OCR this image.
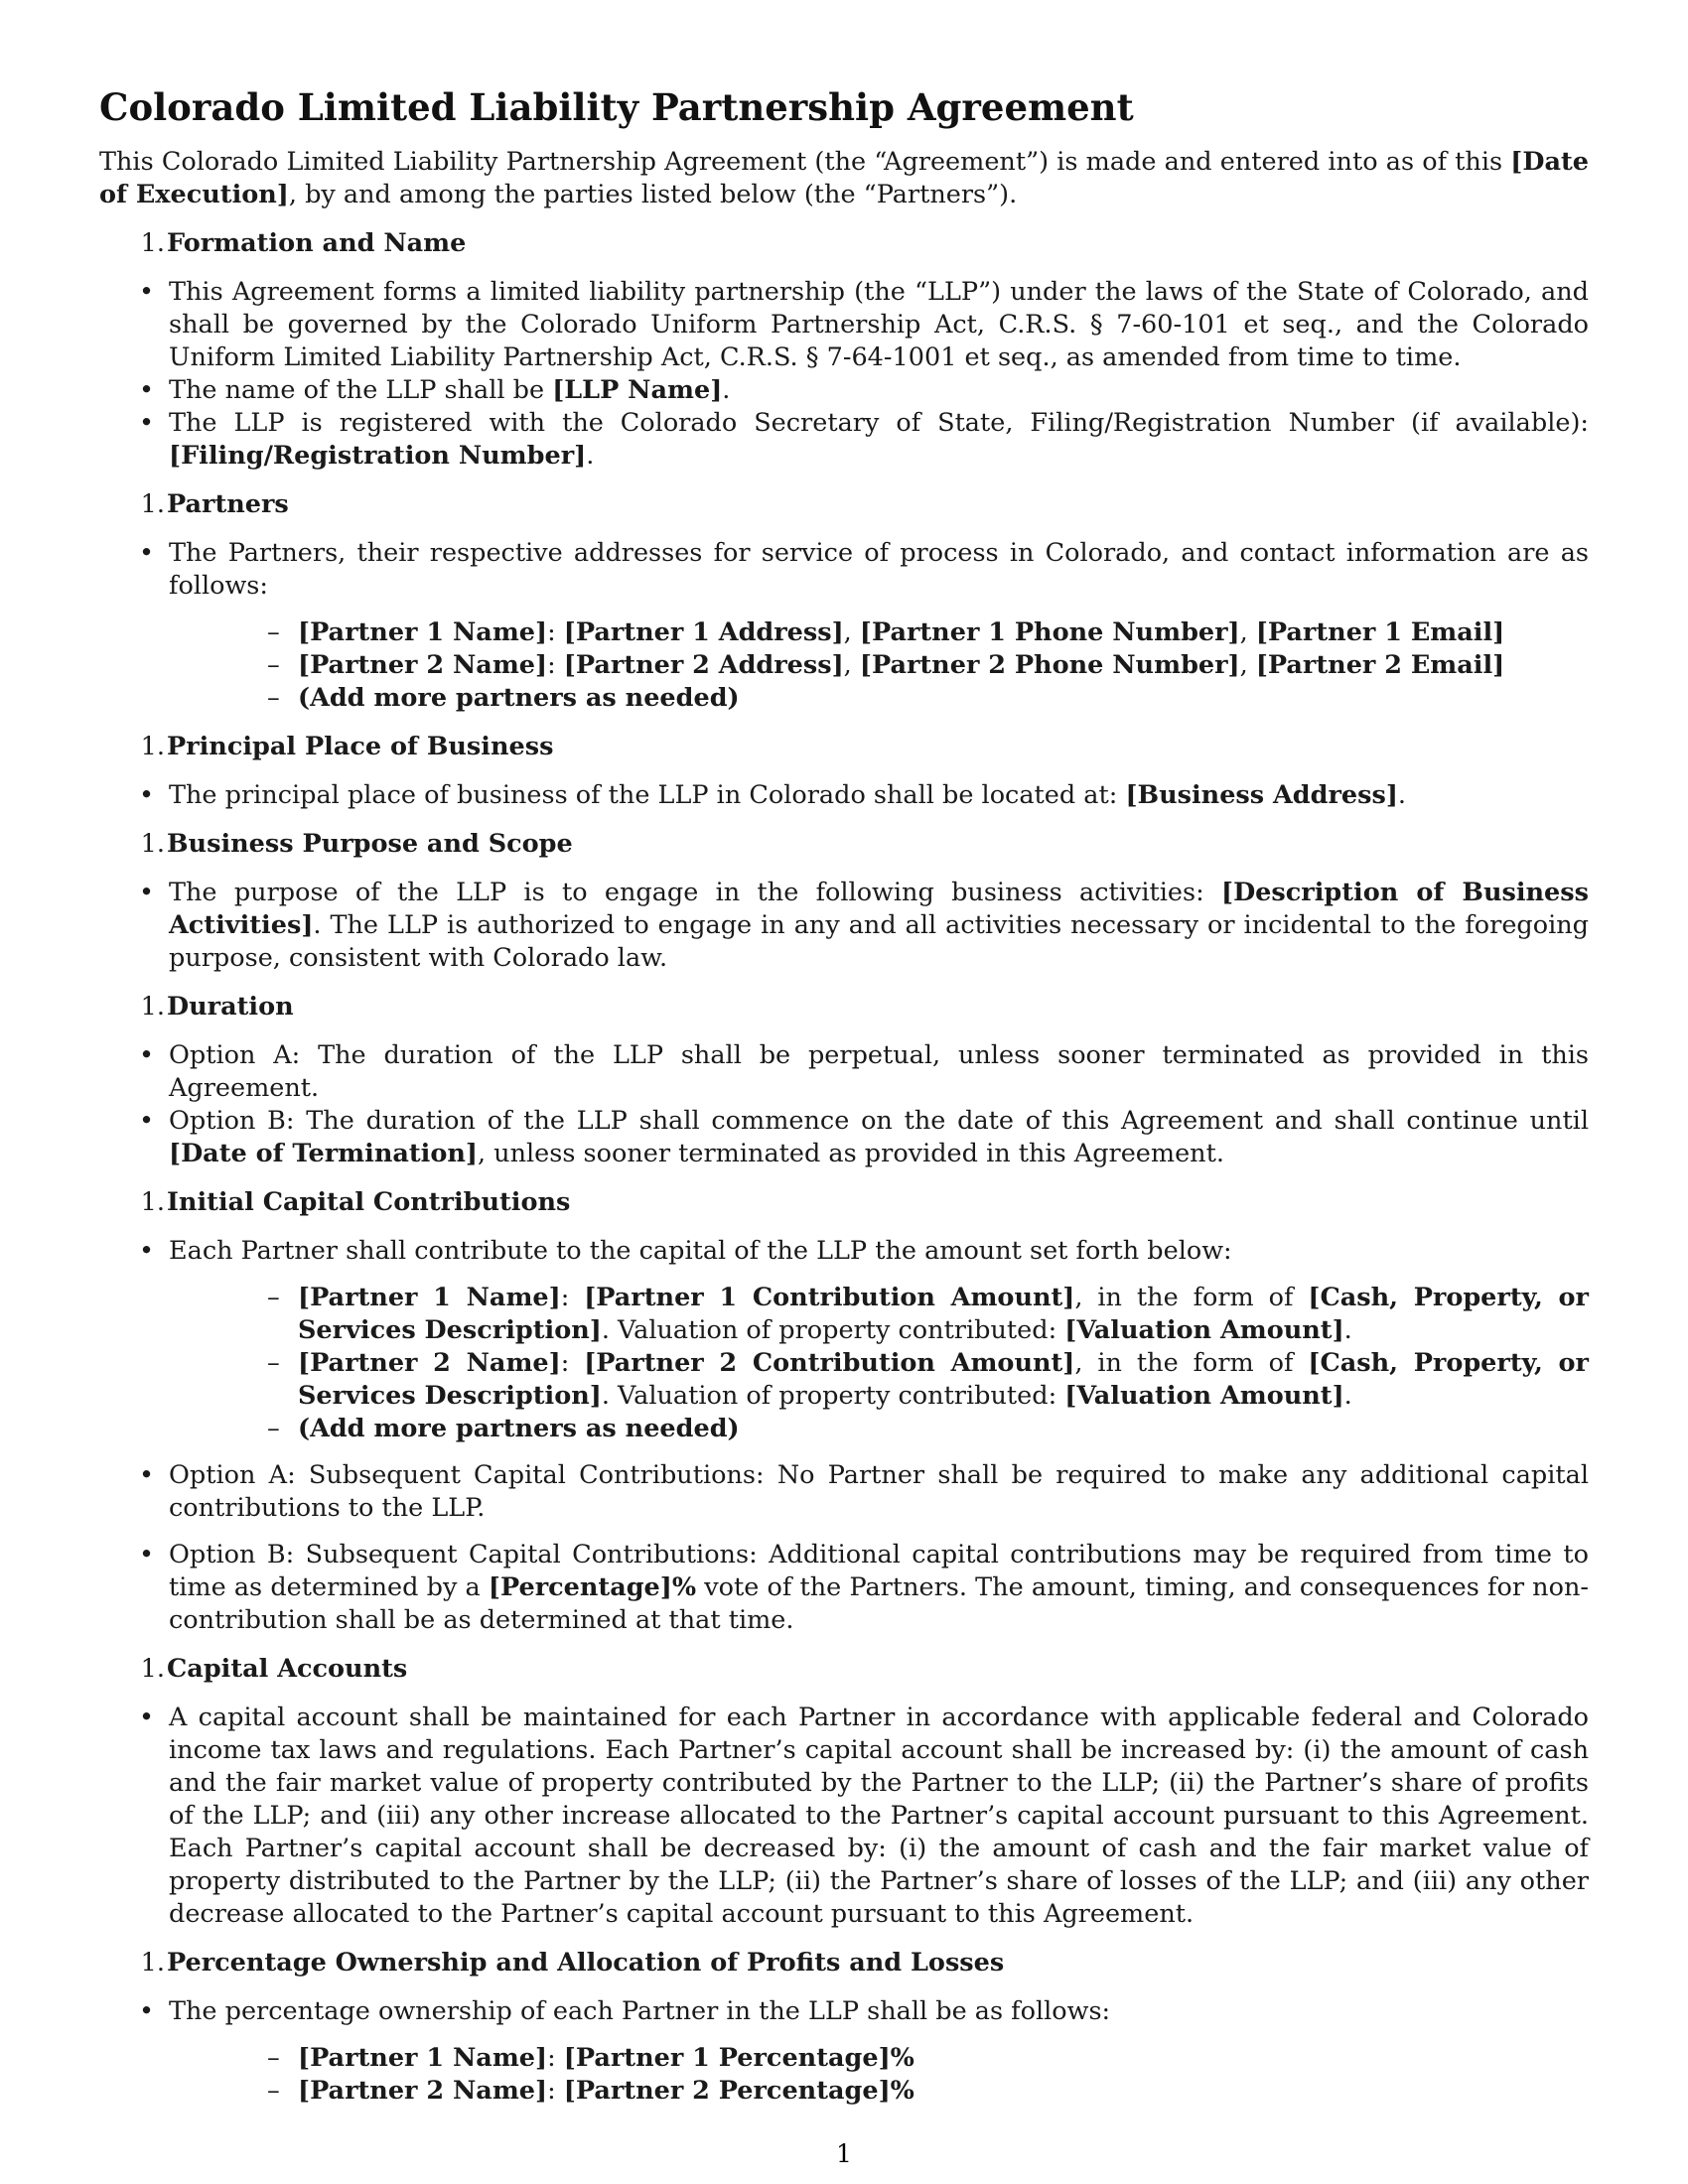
Colorado Limited Liability Partnership Agreement

This Colorado Limited Liability Partnership Agreement (the “Agreement”) is made and entered into as of this [Date of Execution], by and among the parties listed below (the “Partners”).

1. Formation and Name
• This Agreement forms a limited liability partnership (the “LLP”) under the laws of the State of Colorado, and shall be governed by the Colorado Uniform Partnership Act, C.R.S. § 7-60-101 et seq., and the Colorado Uniform Limited Liability Partnership Act, C.R.S. § 7-64-1001 et seq., as amended from time to time.
• The name of the LLP shall be [LLP Name].
• The LLP is registered with the Colorado Secretary of State, Filing/Registration Number (if available): [Filing/Registration Number].
1. Partners
• The Partners, their respective addresses for service of process in Colorado, and contact information are as follows:
– [Partner 1 Name]: [Partner 1 Address], [Partner 1 Phone Number], [Partner 1 Email]
– [Partner 2 Name]: [Partner 2 Address], [Partner 2 Phone Number], [Partner 2 Email]
– (Add more partners as needed)
1. Principal Place of Business
• The principal place of business of the LLP in Colorado shall be located at: [Business Address].
1. Business Purpose and Scope
• The purpose of the LLP is to engage in the following business activities: [Description of Business Activities]. The LLP is authorized to engage in any and all activities necessary or incidental to the foregoing purpose, consistent with Colorado law.
1. Duration
• Option A: The duration of the LLP shall be perpetual, unless sooner terminated as provided in this Agreement.
• Option B: The duration of the LLP shall commence on the date of this Agreement and shall continue until [Date of Termination], unless sooner terminated as provided in this Agreement.
1. Initial Capital Contributions
• Each Partner shall contribute to the capital of the LLP the amount set forth below:
– [Partner 1 Name]: [Partner 1 Contribution Amount], in the form of [Cash, Property, or Services Description]. Valuation of property contributed: [Valuation Amount].
– [Partner 2 Name]: [Partner 2 Contribution Amount], in the form of [Cash, Property, or Services Description]. Valuation of property contributed: [Valuation Amount].
– (Add more partners as needed)
• Option A: Subsequent Capital Contributions: No Partner shall be required to make any additional capital contributions to the LLP.
• Option B: Subsequent Capital Contributions: Additional capital contributions may be required from time to time as determined by a [Percentage]% vote of the Partners. The amount, timing, and consequences for non-contribution shall be as determined at that time.
1. Capital Accounts
• A capital account shall be maintained for each Partner in accordance with applicable federal and Colorado income tax laws and regulations. Each Partner’s capital account shall be increased by: (i) the amount of cash and the fair market value of property contributed by the Partner to the LLP; (ii) the Partner’s share of profits of the LLP; and (iii) any other increase allocated to the Partner’s capital account pursuant to this Agreement. Each Partner’s capital account shall be decreased by: (i) the amount of cash and the fair market value of property distributed to the Partner by the LLP; (ii) the Partner’s share of losses of the LLP; and (iii) any other decrease allocated to the Partner’s capital account pursuant to this Agreement.
1. Percentage Ownership and Allocation of Profits and Losses
• The percentage ownership of each Partner in the LLP shall be as follows:
– [Partner 1 Name]: [Partner 1 Percentage]%
– [Partner 2 Name]: [Partner 2 Percentage]%
1
